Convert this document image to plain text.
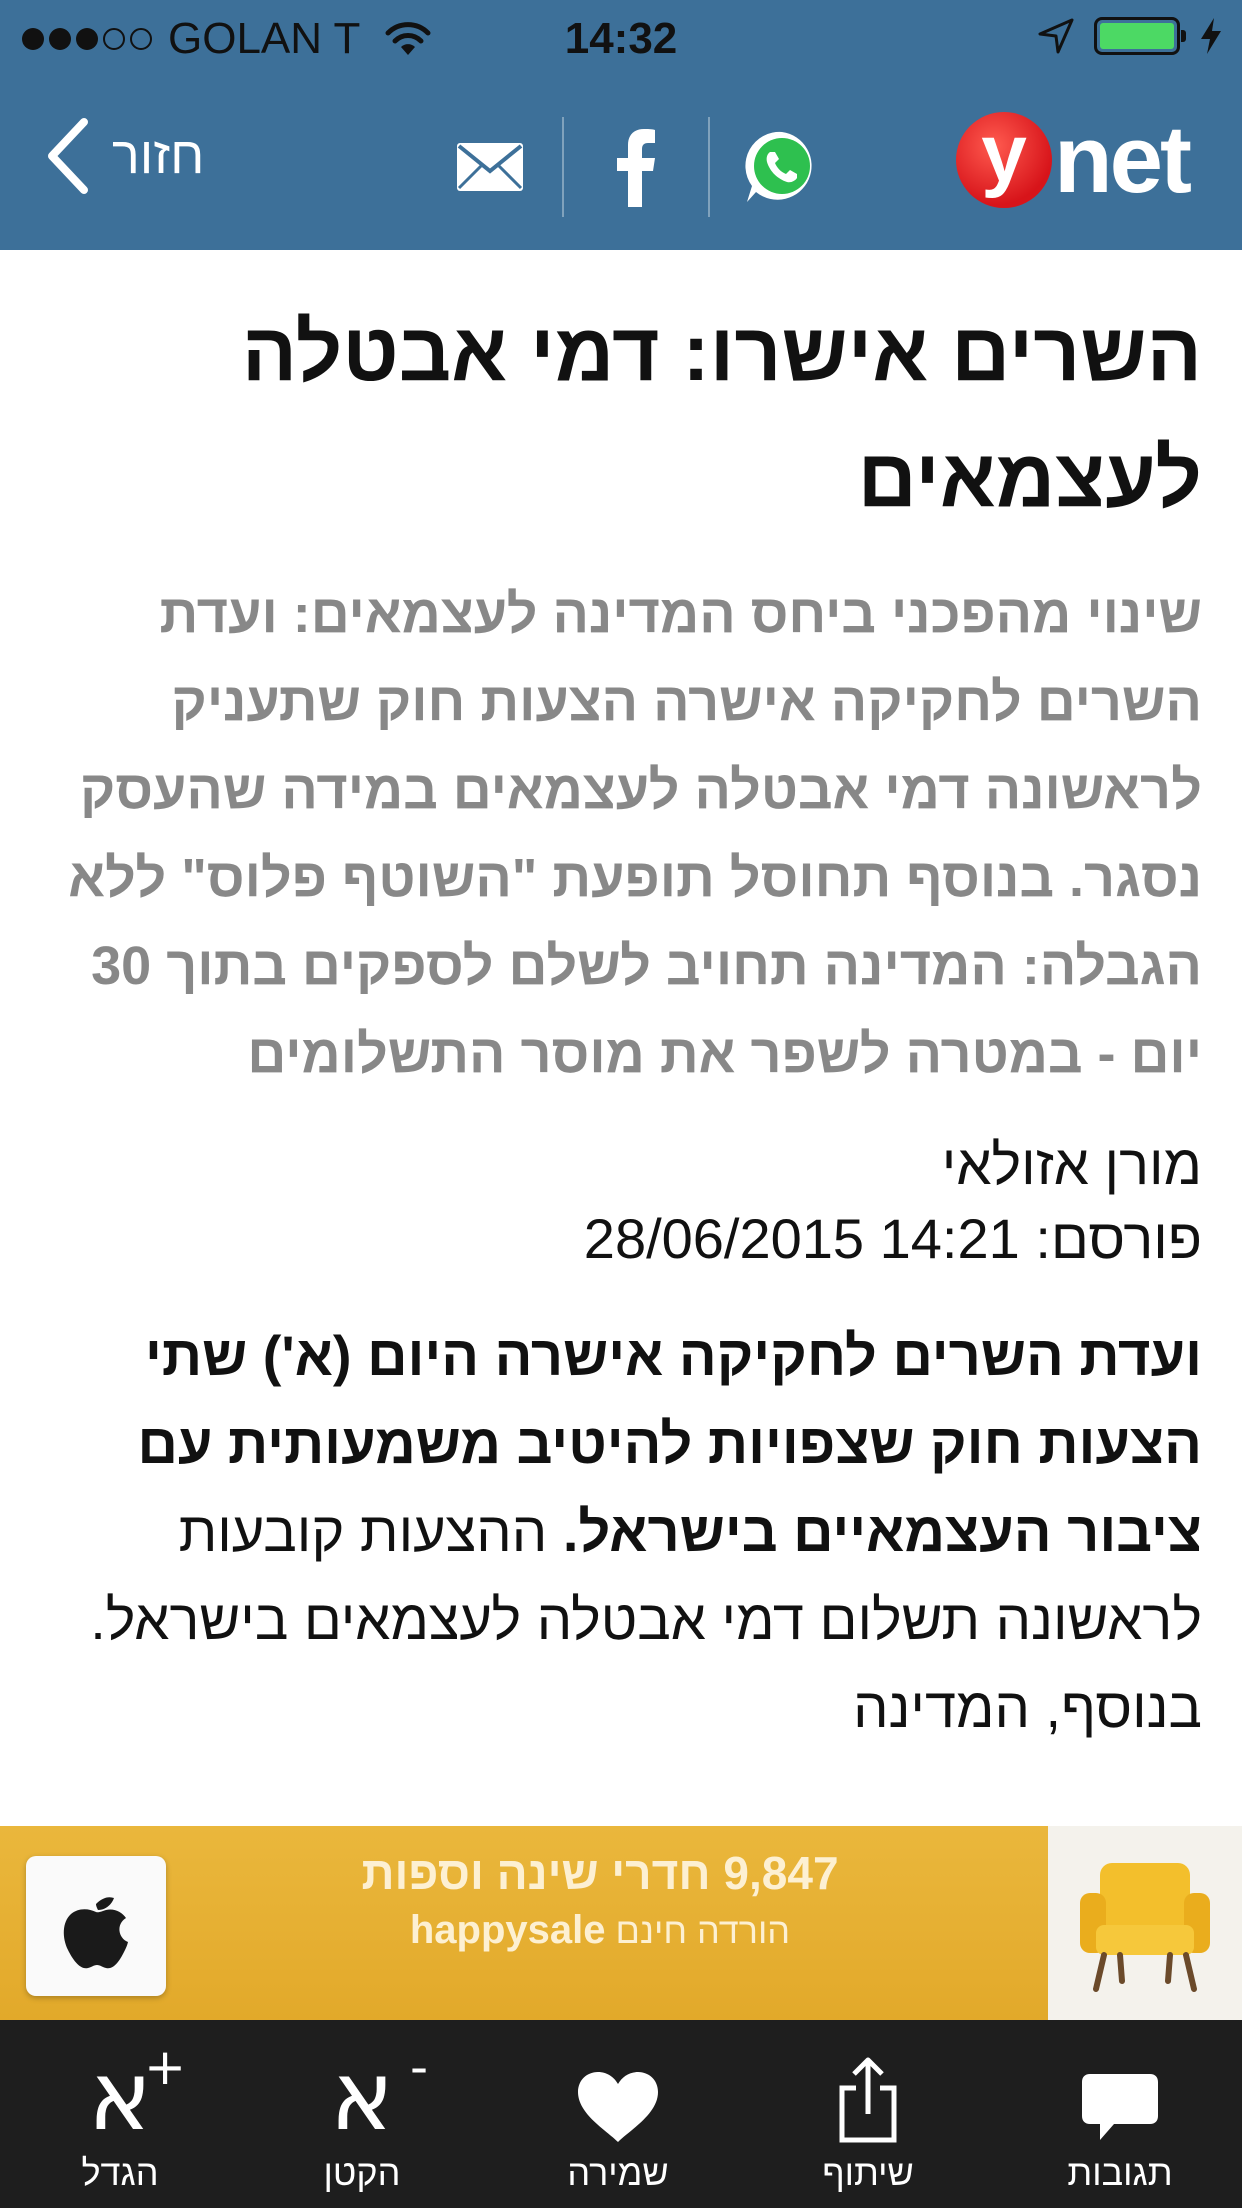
GOLAN T	14:32
חזור	y net
השרים אישרו: דמי אבטלה לעצמאים
שינוי מהפכני ביחס המדינה לעצמאים: ועדת השרים לחקיקה אישרה הצעות חוק שתעניק לראשונה דמי אבטלה לעצמאים במידה שהעסק נסגר. בנוסף תחוסל תופעת "השוטף פלוס" ללא הגבלה: המדינה תחויב לשלם לספקים בתוך 30 יום - במטרה לשפר את מוסר התשלומים
מורן אזולאי
פורסם: 28/06/2015 14:21
ועדת השרים לחקיקה אישרה היום (א') שתי הצעות חוק שצפויות להיטיב משמעותית עם ציבור העצמאיים בישראל. ההצעות קובעות לראשונה תשלום דמי אבטלה לעצמאים בישראל. בנוסף, המדינה
9,847 חדרי שינה וספות
הורדה חינם happysale
א
+
הגדל
א -
הקטן	שמירה	שיתוף	תגובות
